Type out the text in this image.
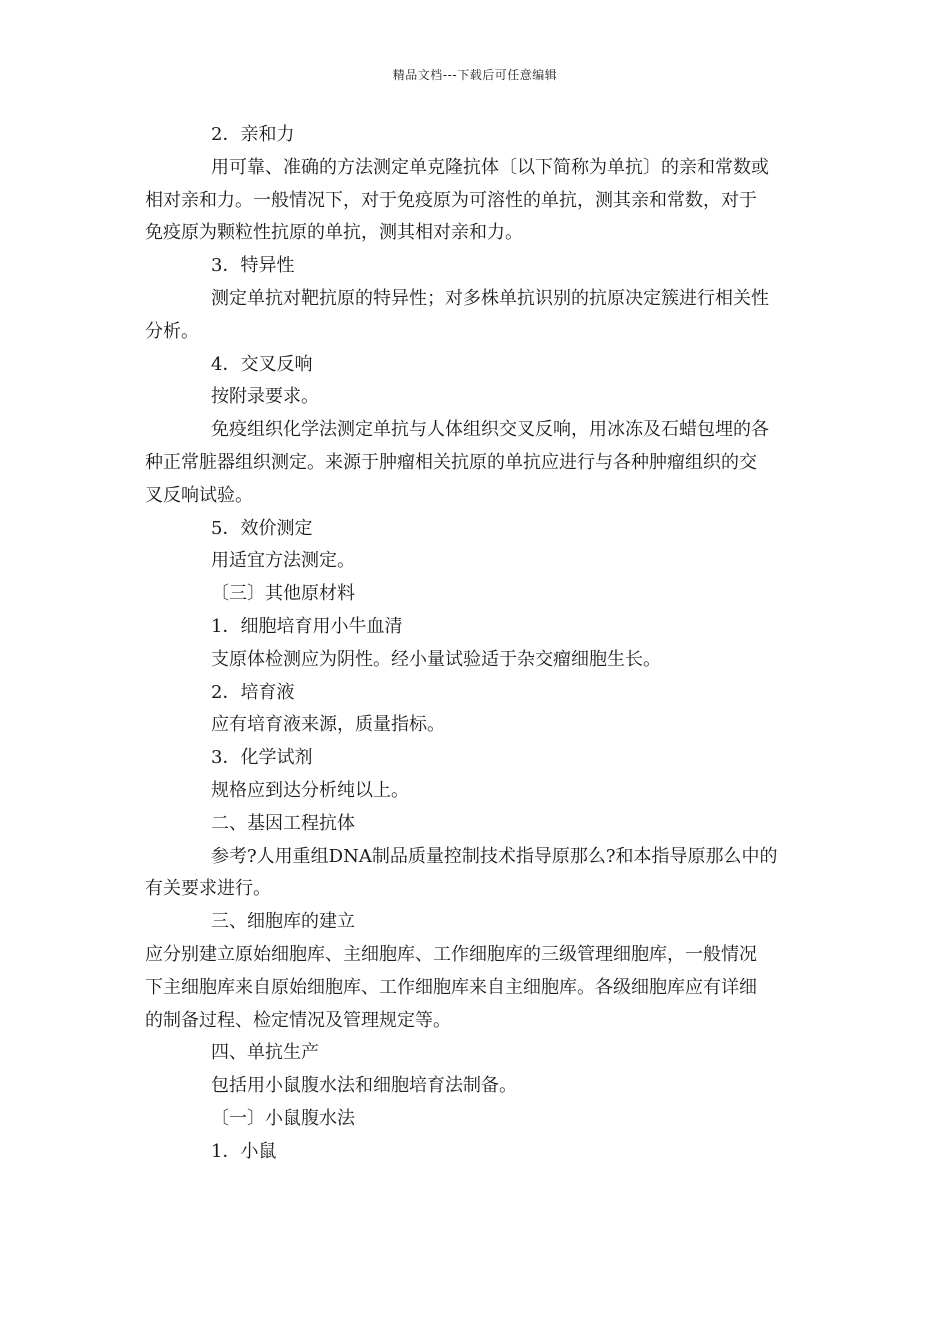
精品文档---下载后可任意编辑
2．亲和力
用可靠、准确的方法测定单克隆抗体〔以下简称为单抗〕的亲和常数或
相对亲和力。一般情况下，对于免疫原为可溶性的单抗，测其亲和常数，对于
免疫原为颗粒性抗原的单抗，测其相对亲和力。
3．特异性
测定单抗对靶抗原的特异性；对多株单抗识别的抗原决定簇进行相关性
分析。
4．交叉反响
按附录要求。
免疫组织化学法测定单抗与人体组织交叉反响，用冰冻及石蜡包埋的各
种正常脏器组织测定。来源于肿瘤相关抗原的单抗应进行与各种肿瘤组织的交
叉反响试验。
5．效价测定
用适宜方法测定。
〔三〕其他原材料
1．细胞培育用小牛血清
支原体检测应为阴性。经小量试验适于杂交瘤细胞生长。
2．培育液
应有培育液来源，质量指标。
3．化学试剂
规格应到达分析纯以上。
二、基因工程抗体
参考?人用重组DNA制品质量控制技术指导原那么?和本指导原那么中的
有关要求进行。
三、细胞库的建立
应分别建立原始细胞库、主细胞库、工作细胞库的三级管理细胞库，一般情况
下主细胞库来自原始细胞库、工作细胞库来自主细胞库。各级细胞库应有详细
的制备过程、检定情况及管理规定等。
四、单抗生产
包括用小鼠腹水法和细胞培育法制备。
〔一〕小鼠腹水法
1．小鼠
